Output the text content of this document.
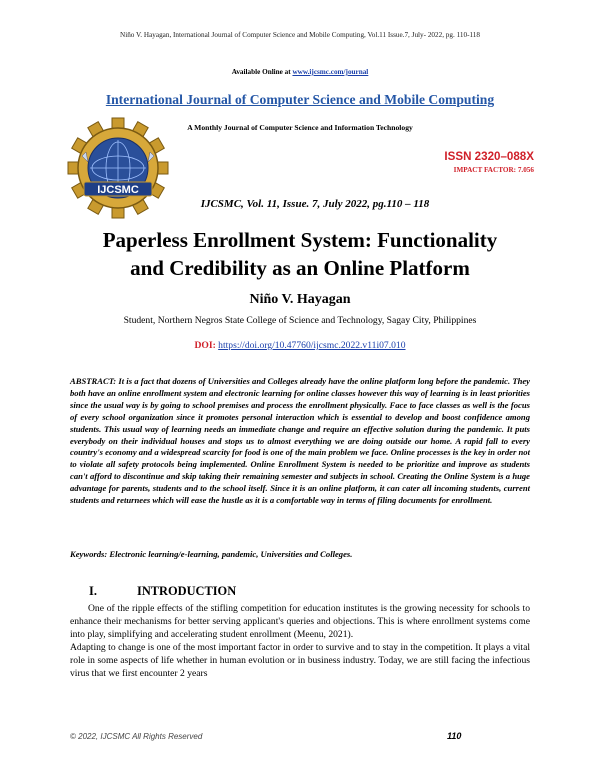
Niño V. Hayagan, International Journal of Computer Science and Mobile Computing, Vol.11 Issue.7, July- 2022, pg. 110-118
Available Online at www.ijcsmc.com/journal
International Journal of Computer Science and Mobile Computing
A Monthly Journal of Computer Science and Information Technology
IJCSMC
ISSN 2320–088X
IMPACT FACTOR: 7.056
IJCSMC, Vol. 11, Issue. 7, July 2022, pg.110 – 118
Paperless Enrollment System: Functionality
and Credibility as an Online Platform
Niño V. Hayagan
Student, Northern Negros State College of Science and Technology, Sagay City, Philippines
DOI: https://doi.org/10.47760/ijcsmc.2022.v11i07.010
ABSTRACT: It is a fact that dozens of Universities and Colleges already have the online platform long before the pandemic. They both have an online enrollment system and electronic learning for online classes however this way of learning is in least priorities since the usual way is by going to school premises and process the enrollment physically. Face to face classes as well is the focus of every school organization since it promotes personal interaction which is essential to develop and boost confidence among students. This usual way of learning needs an immediate change and require an effective solution during the pandemic. It puts everybody on their individual houses and stops us to almost everything we are doing outside our home. A rapid fall to every country's economy and a widespread scarcity for food is one of the main problem we face. Online processes is the key in order not to violate all safety protocols being implemented. Online Enrollment System is needed to be prioritize and improve as students can't afford to discontinue and skip taking their remaining semester and subjects in school. Creating the Online System is a huge advantage for parents, students and to the school itself. Since it is an online platform, it can cater all incoming students, current students and returnees which will ease the hustle as it is a comfortable way in terms of filing documents for enrollment.
Keywords: Electronic learning/e-learning, pandemic, Universities and Colleges.
I.	INTRODUCTION

One of the ripple effects of the stifling competition for education institutes is the growing necessity for schools to enhance their mechanisms for better serving applicant's queries and objections. This is where enrollment systems come into play, simplifying and accelerating student enrollment (Meenu, 2021).

Adapting to change is one of the most important factor in order to survive and to stay in the competition. It plays a vital role in some aspects of life whether in human evolution or in business industry. Today, we are still facing the infectious virus that we first encounter 2 years

© 2022, IJCSMC All Rights Reserved	110
